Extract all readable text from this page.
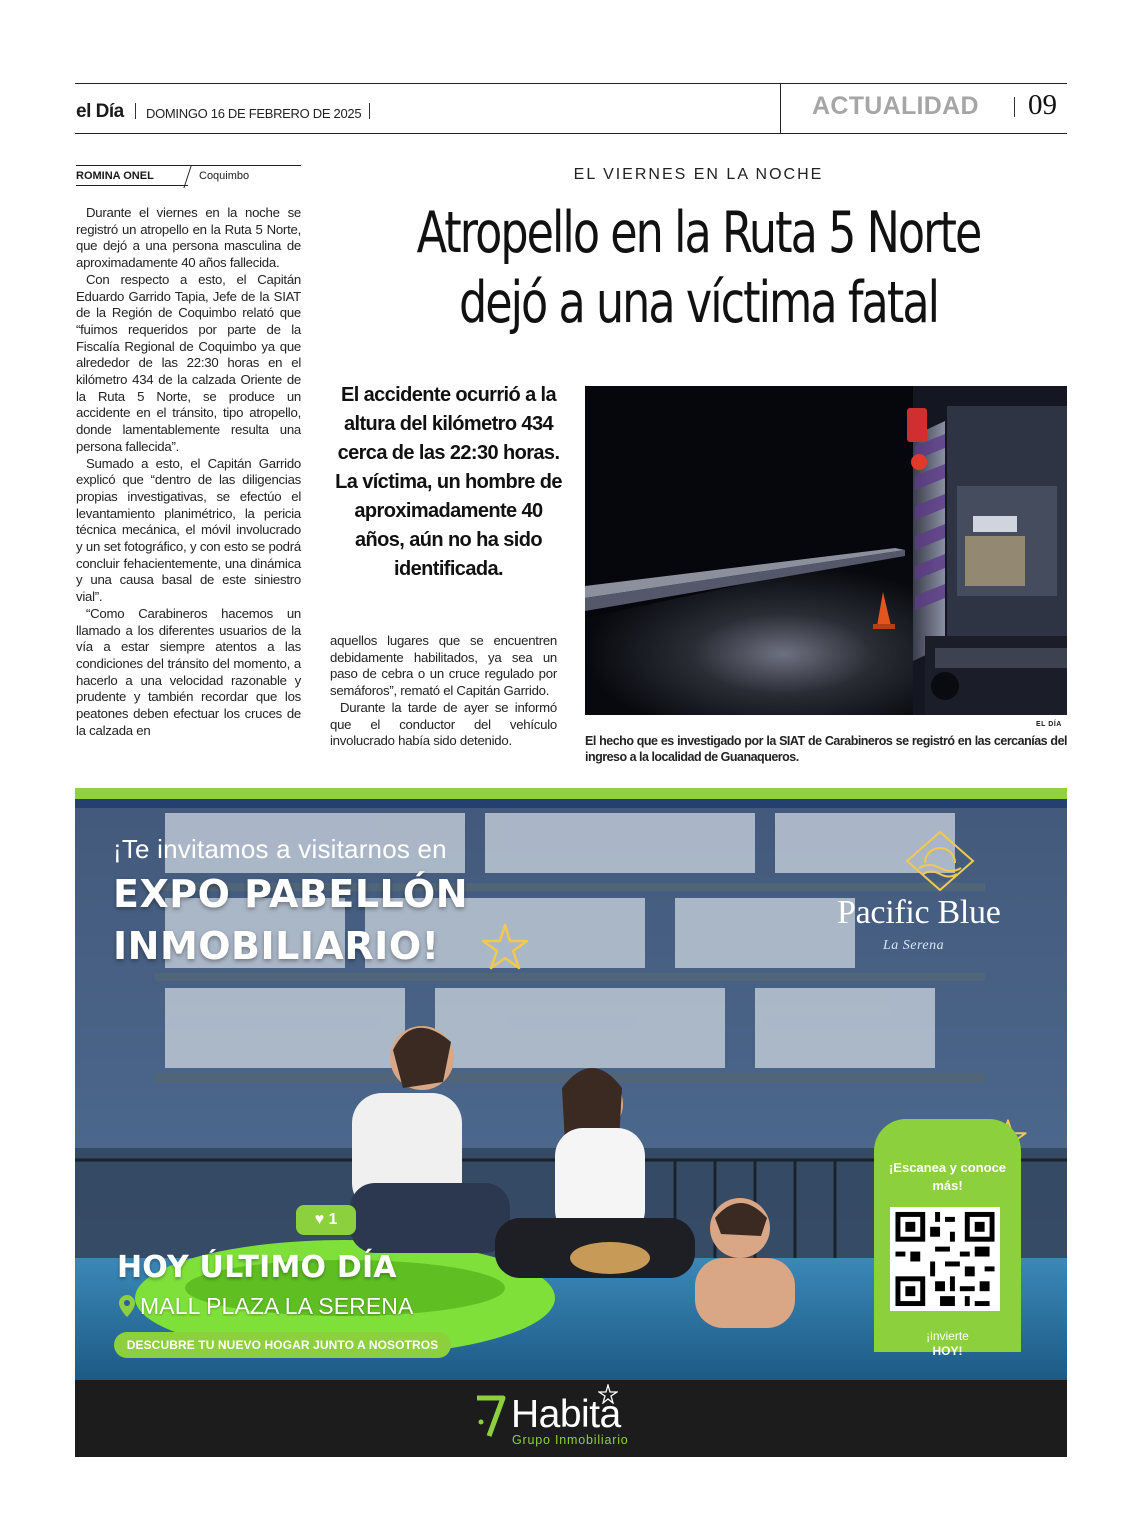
el Día DOMINGO 16 DE FEBRERO DE 2025	ACTUALIDAD 09
ROMINA ONEL	Coquimbo

Durante el viernes en la noche se registró un atropello en la Ruta 5 Norte, que dejó a una persona masculina de aproximadamente 40 años fallecida.

Con respecto a esto, el Capitán Eduardo Garrido Tapia, Jefe de la SIAT de la Región de Coquimbo relató que “fuimos requeridos por parte de la Fiscalía Regional de Coquimbo ya que alrededor de las 22:30 horas en el kilómetro 434 de la calzada Oriente de la Ruta 5 Norte, se produce un accidente en el tránsito, tipo atropello, donde lamentablemente resulta una persona fallecida”.

Sumado a esto, el Capitán Garrido explicó que “dentro de las diligencias propias investigativas, se efectúo el levantamiento planimétrico, la pericia técnica mecánica, el móvil involucrado y un set fotográfico, y con esto se podrá concluir fehacientemente, una dinámica y una causa basal de este siniestro vial”.

“Como Carabineros hacemos un llamado a los diferentes usuarios de la vía a estar siempre atentos a las condiciones del tránsito del momento, a hacerlo a una velocidad razonable y prudente y también recordar que los peatones deben efectuar los cruces de la calzada en

EL VIERNES EN LA NOCHE
Atropello en la Ruta 5 Norte
dejó a una víctima fatal
El accidente ocurrió a la altura del kilómetro 434 cerca de las 22:30 horas. La víctima, un hombre de aproximadamente 40 años, aún no ha sido identificada.

aquellos lugares que se encuentren debidamente habilitados, ya sea un paso de cebra o un cruce regulado por semáforos”, remató el Capitán Garrido.

Durante la tarde de ayer se informó que el conductor del vehículo involucrado había sido detenido.

EL DÍA
El hecho que es investigado por la SIAT de Carabineros se registró en las cercanías del ingreso a la localidad de Guanaqueros.
¡Te invitamos a visitarnos en
EXPO PABELLÓN
INMOBILIARIO!
Pacific Blue
La Serena
¡Escanea y conoce más!
¡invierte
HOY!
♥ 1
HOY ÚLTIMO DÍA
MALL PLAZA LA SERENA
DESCUBRE TU NUEVO HOGAR JUNTO A NOSOTROS
Habita
Grupo Inmobiliario
